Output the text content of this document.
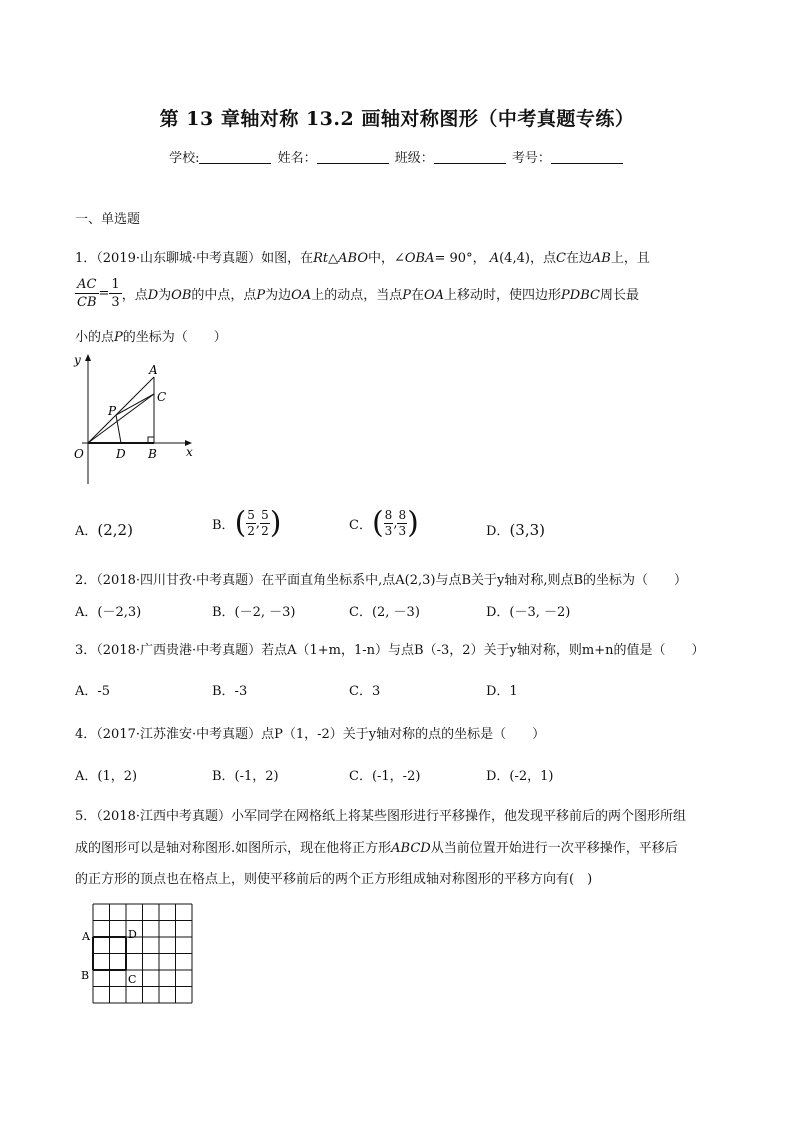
第 13 章轴对称 13.2 画轴对称图形（中考真题专练）
学校:	姓名：	班级：	考号：
一、单选题
1．（2019·山东聊城·中考真题）如图，在Rt△ABO中，∠OBA= 90°， A(4,4)，点C在边AB上，且
$\frac{AC}{CB} = \frac{1}{3}$ ，点D为OB的中点，点P为边OA上的动点，当点P在OA上移动时，使四边形PDBC周长最
小的点P的坐标为（　　）
y
x
O
A
C
P
D B
A．(2,2)	B．( $\frac{5}{2}$ , $\frac{5}{2}$ )	C．( $\frac{8}{3}$ , $\frac{8}{3}$ )	D．(3,3)
2．（2018·四川甘孜·中考真题）在平面直角坐标系中,点A(2,3)与点B关于y轴对称,则点B的坐标为（　　）
A．(－2,3)	B．(－2, －3)	C．(2, －3)	D．(－3, －2)
3．（2018·广西贵港·中考真题）若点A（1+m，1-n）与点B（-3，2）关于y轴对称，则m+n的值是（　　）
A．-5	B．-3	C．3	D．1
4．（2017·江苏淮安·中考真题）点P（1，-2）关于y轴对称的点的坐标是（　　）
A．(1，2)	B．(-1，2)	C．(-1，-2)	D．(-2，1)
5．（2018·江西中考真题）小军同学在网格纸上将某些图形进行平移操作，他发现平移前后的两个图形所组
成的图形可以是轴对称图形.如图所示，现在他将正方形ABCD从当前位置开始进行一次平移操作，平移后
的正方形的顶点也在格点上，则使平移前后的两个正方形组成轴对称图形的平移方向有(　)
A
B
D
C
